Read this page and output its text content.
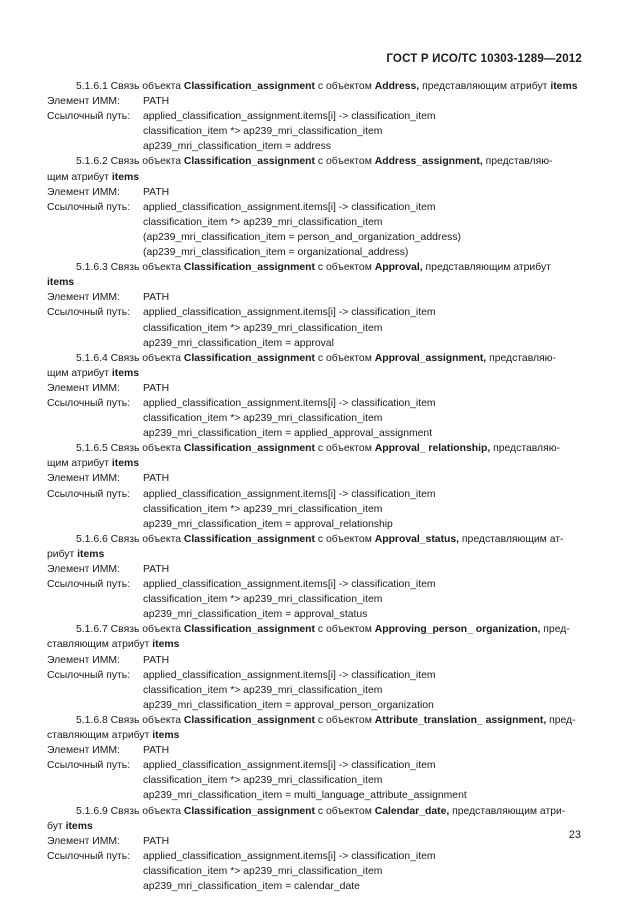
ГОСТ Р ИСО/ТС 10303-1289—2012
5.1.6.1 Связь объекта Classification_assignment с объектом Address, представляющим атрибут items
Элемент ИММ:	PATH
Ссылочный путь:	applied_classification_assignment.items[i] -> classification_item
classification_item *> ap239_mri_classification_item
ap239_mri_classification_item = address
5.1.6.2 Связь объекта Classification_assignment с объектом Address_assignment, представляю-
щим атрибут items
Элемент ИММ:	PATH
Ссылочный путь:	applied_classification_assignment.items[i] -> classification_item
classification_item *> ap239_mri_classification_item
(ap239_mri_classification_item = person_and_organization_address)
(ap239_mri_classification_item = organizational_address)
5.1.6.3 Связь объекта Classification_assignment с объектом Approval, представляющим атрибут
items
Элемент ИММ:	PATH
Ссылочный путь:	applied_classification_assignment.items[i] -> classification_item
classification_item *> ap239_mri_classification_item
ap239_mri_classification_item = approval
5.1.6.4 Связь объекта Classification_assignment с объектом Approval_assignment, представляю-
щим атрибут items
Элемент ИММ:	PATH
Ссылочный путь:	applied_classification_assignment.items[i] -> classification_item
classification_item *> ap239_mri_classification_item
ap239_mri_classification_item = applied_approval_assignment
5.1.6.5 Связь объекта Classification_assignment с объектом Approval_ relationship, представляю-
щим атрибут items
Элемент ИММ:	PATH
Ссылочный путь:	applied_classification_assignment.items[i] -> classification_item
classification_item *> ap239_mri_classification_item
ap239_mri_classification_item = approval_relationship
5.1.6.6 Связь объекта Classification_assignment с объектом Approval_status, представляющим ат-
рибут items
Элемент ИММ:	PATH
Ссылочный путь:	applied_classification_assignment.items[i] -> classification_item
classification_item *> ap239_mri_classification_item
ap239_mri_classification_item = approval_status
5.1.6.7 Связь объекта Classification_assignment с объектом Approving_person_ organization, пред-
ставляющим атрибут items
Элемент ИММ:	PATH
Ссылочный путь:	applied_classification_assignment.items[i] -> classification_item
classification_item *> ap239_mri_classification_item
ap239_mri_classification_item = approval_person_organization
5.1.6.8 Связь объекта Classification_assignment с объектом Attribute_translation_ assignment, пред-
ставляющим атрибут items
Элемент ИММ:	PATH
Ссылочный путь:	applied_classification_assignment.items[i] -> classification_item
classification_item *> ap239_mri_classification_item
ap239_mri_classification_item = multi_language_attribute_assignment
5.1.6.9 Связь объекта Classification_assignment с объектом Calendar_date, представляющим атри-
бут items
Элемент ИММ:	PATH
Ссылочный путь:	applied_classification_assignment.items[i] -> classification_item
classification_item *> ap239_mri_classification_item
ap239_mri_classification_item = calendar_date
23
